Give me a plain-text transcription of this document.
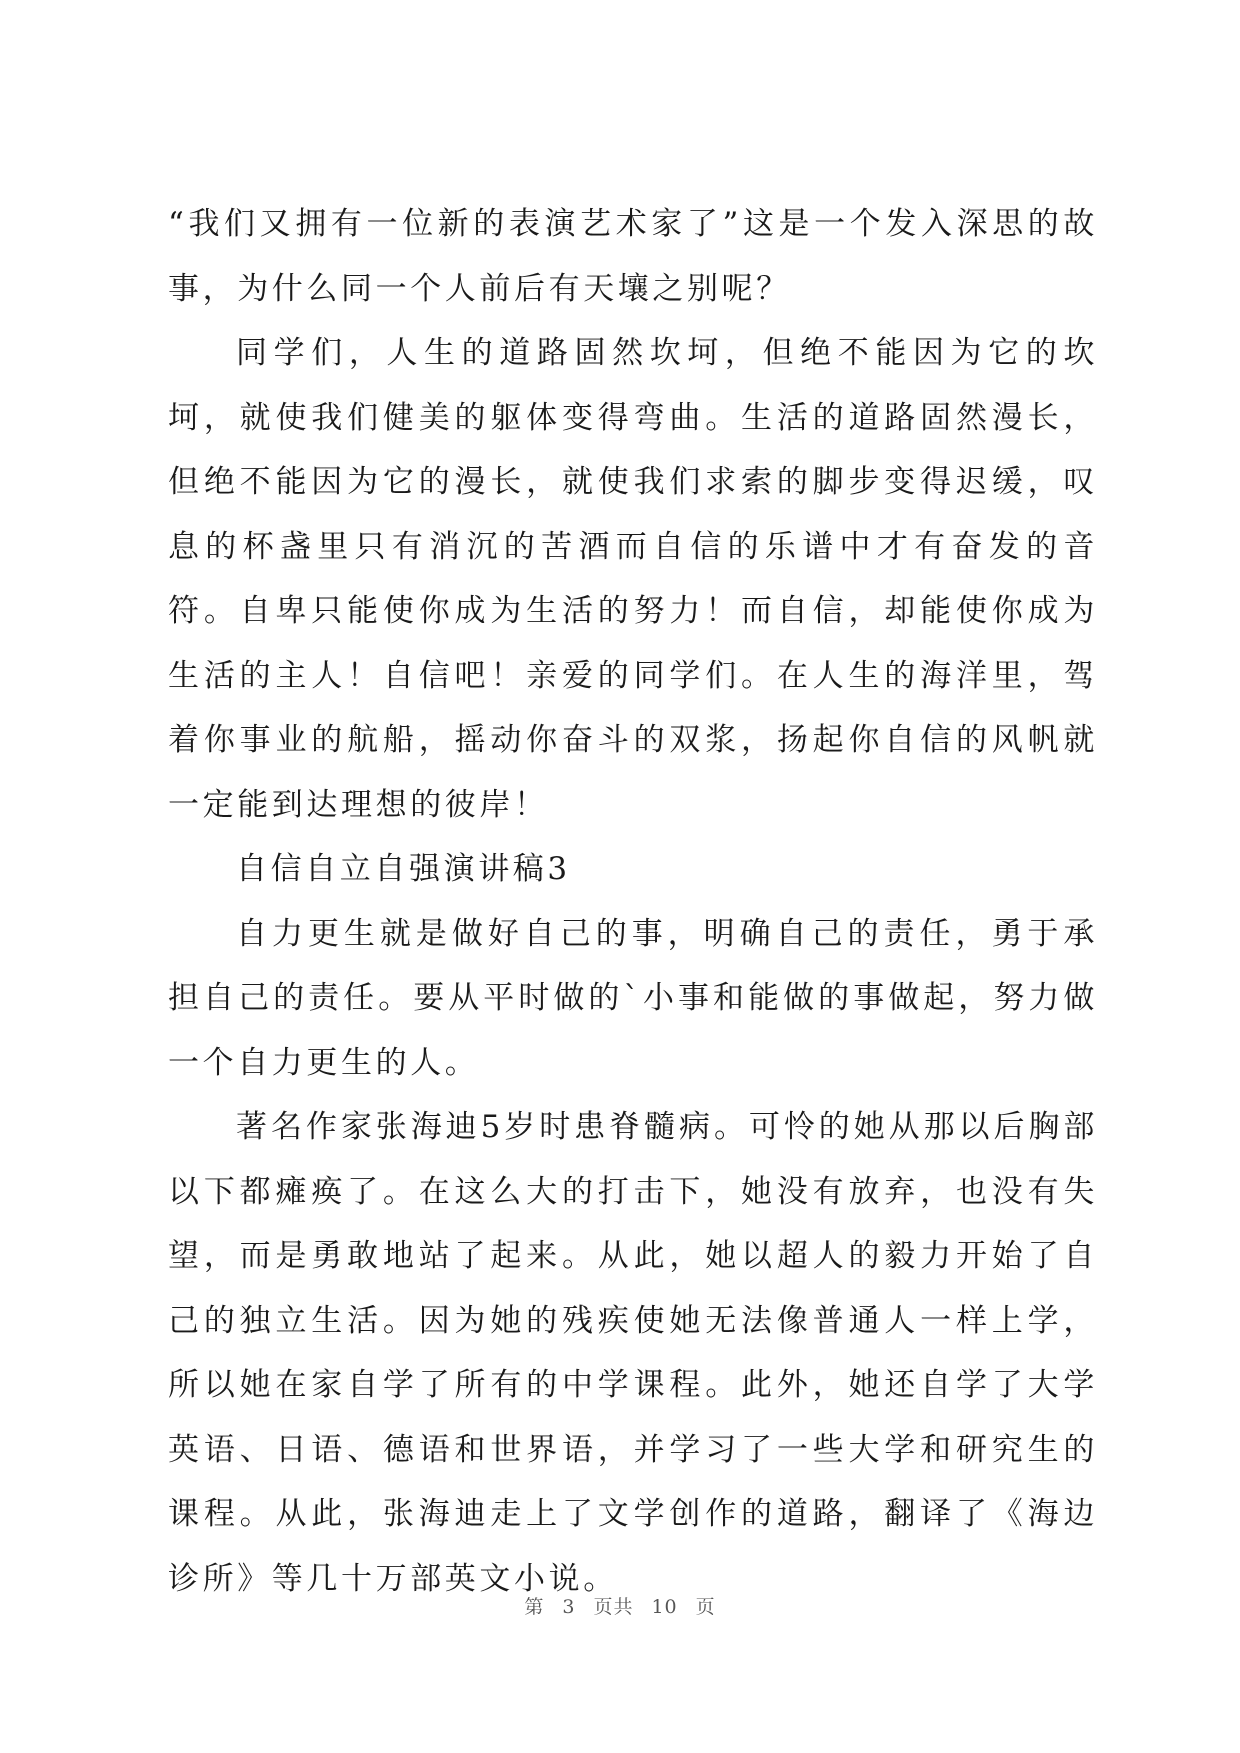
“我们又拥有一位新的表演艺术家了”这是一个发入深思的故事，为什么同一个人前后有天壤之别呢？

同学们，人生的道路固然坎坷，但绝不能因为它的坎坷，就使我们健美的躯体变得弯曲。生活的道路固然漫长，但绝不能因为它的漫长，就使我们求索的脚步变得迟缓，叹息的杯盏里只有消沉的苦酒而自信的乐谱中才有奋发的音符。自卑只能使你成为生活的努力！而自信，却能使你成为生活的主人！自信吧！亲爱的同学们。在人生的海洋里，驾着你事业的航船，摇动你奋斗的双浆，扬起你自信的风帆就一定能到达理想的彼岸！

自信自立自强演讲稿3

自力更生就是做好自己的事，明确自己的责任，勇于承担自己的责任。要从平时做的`小事和能做的事做起，努力做一个自力更生的人。

著名作家张海迪5岁时患脊髓病。可怜的她从那以后胸部以下都瘫痪了。在这么大的打击下，她没有放弃，也没有失望，而是勇敢地站了起来。从此，她以超人的毅力开始了自己的独立生活。因为她的残疾使她无法像普通人一样上学，所以她在家自学了所有的中学课程。此外，她还自学了大学英语、日语、德语和世界语，并学习了一些大学和研究生的课程。从此，张海迪走上了文学创作的道路，翻译了《海边诊所》等几十万部英文小说。

第 3 页共 10 页
